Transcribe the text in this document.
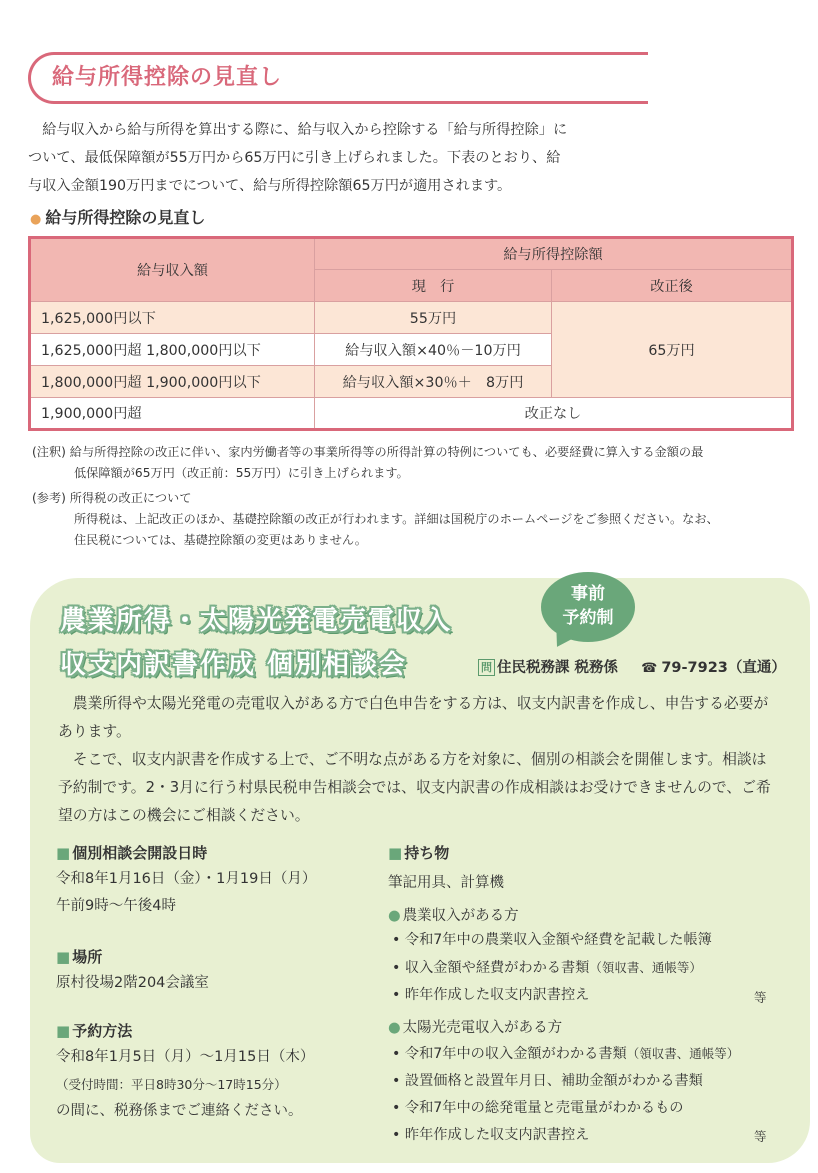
給与所得控除の見直し
給与収入から給与所得を算出する際に、給与収入から控除する「給与所得控除」に
ついて、最低保障額が55万円から65万円に引き上げられました。下表のとおり、給
与収入金額190万円までについて、給与所得控除額65万円が適用されます。
● 給与所得控除の見直し
給与収入額	給与所得控除額	
	現　行	改正後
1,625,000円以下	55万円	65万円
1,625,000円超 1,800,000円以下	給与収入額×40％－10万円	
1,800,000円超 1,900,000円以下	給与収入額×30％＋　8万円	
1,900,000円超	改正なし	
(注釈) 給与所得控除の改正に伴い、家内労働者等の事業所得等の所得計算の特例についても、必要経費に算入する金額の最
低保障額が65万円（改正前：55万円）に引き上げられます。
(参考) 所得税の改正について
所得税は、上記改正のほか、基礎控除額の改正が行われます。詳細は国税庁のホームページをご参照ください。なお、
住民税については、基礎控除額の変更はありません。
農業所得・太陽光発電売電収入
収支内訳書作成 個別相談会
事前
予約制
問 住民税務課 税務係 ☎ 79-7923（直通）

農業所得や太陽光発電の売電収入がある方で白色申告をする方は、収支内訳書を作成し、申告する必要があります。

そこで、収支内訳書を作成する上で、ご不明な点がある方を対象に、個別の相談会を開催します。相談は予約制です。2・3月に行う村県民税申告相談会では、収支内訳書の作成相談はお受けできませんので、ご希望の方はこの機会にご相談ください。

■ 個別相談会開設日時
令和8年1月16日（金）・1月19日（月）
午前9時～午後4時
■ 場所
原村役場2階204会議室
■ 予約方法
令和8年1月5日（月）～1月15日（木）
（受付時間：平日8時30分～17時15分）
の間に、税務係までご連絡ください。
■ 持ち物
筆記用具、計算機
● 農業収入がある方
• 令和7年中の農業収入金額や経費を記載した帳簿
• 収入金額や経費がわかる書類（領収書、通帳等）
• 昨年作成した収支内訳書控え	等
● 太陽光売電収入がある方
• 令和7年中の収入金額がわかる書類（領収書、通帳等）
• 設置価格と設置年月日、補助金額がわかる書類
• 令和7年中の総発電量と売電量がわかるもの
• 昨年作成した収支内訳書控え	等
